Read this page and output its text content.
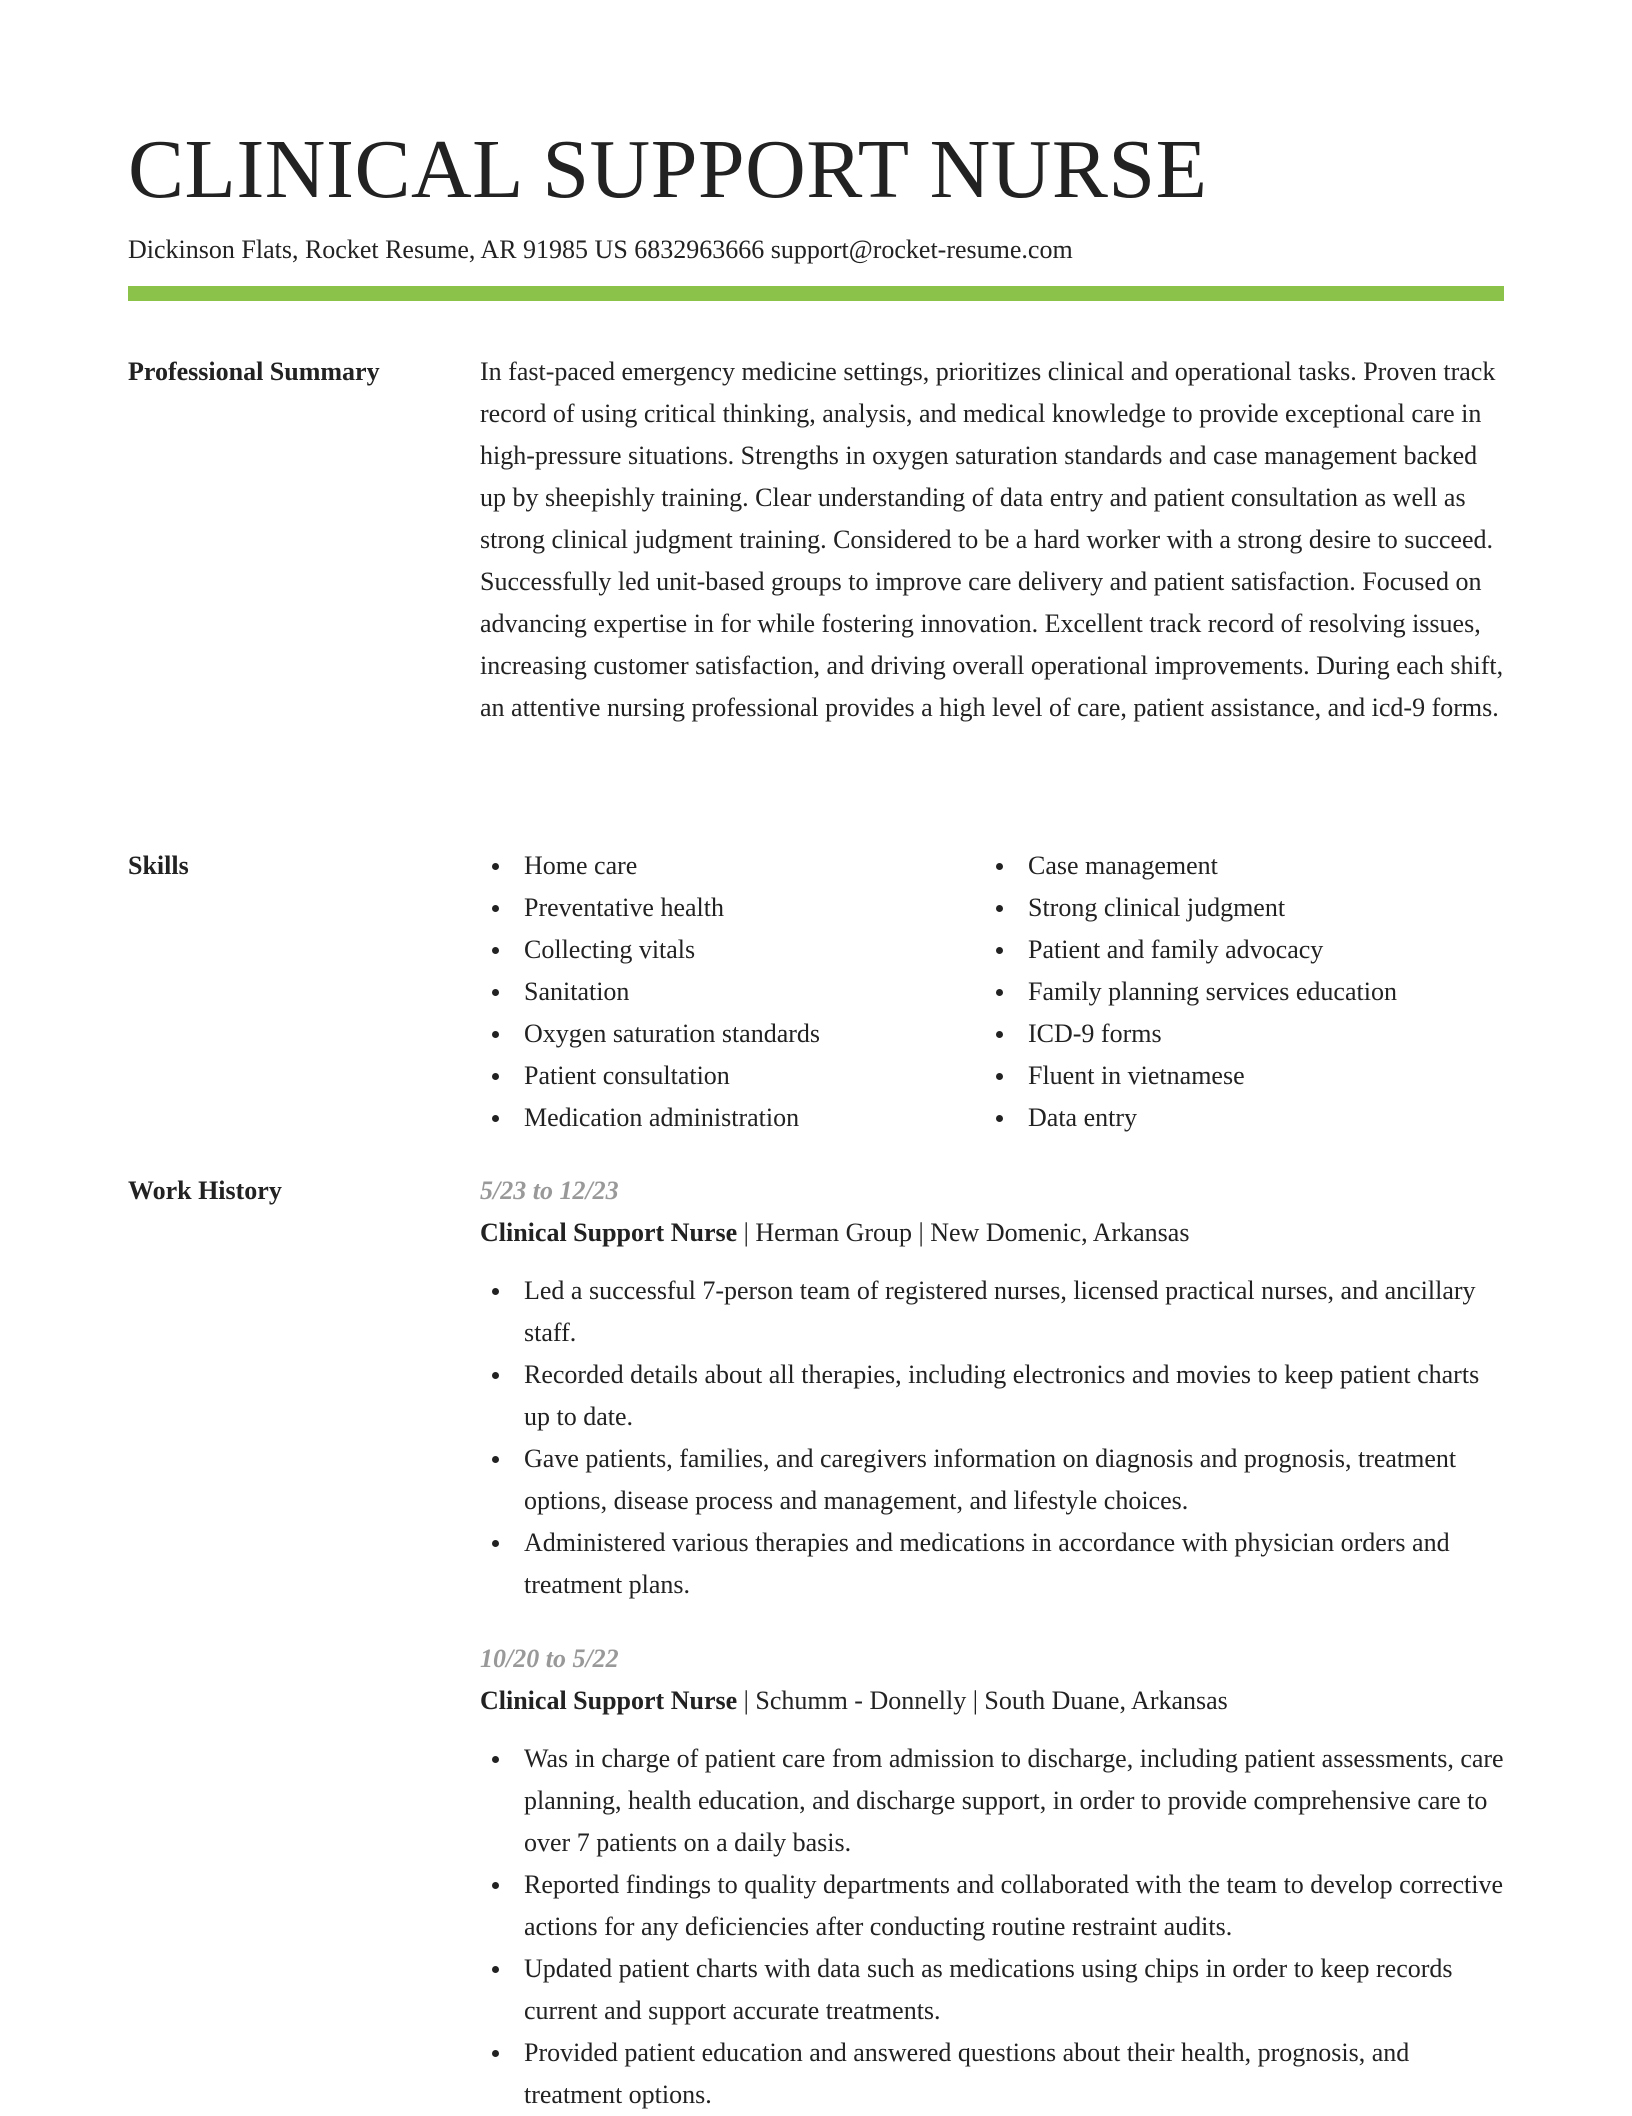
CLINICAL SUPPORT NURSE
Dickinson Flats, Rocket Resume, AR 91985 US 6832963666 support@rocket-resume.com
Professional Summary	In fast-paced emergency medicine settings, prioritizes clinical and operational tasks. Proven track record of using critical thinking, analysis, and medical knowledge to provide exceptional care in high-pressure situations. Strengths in oxygen saturation standards and case management backed up by sheepishly training. Clear understanding of data entry and patient consultation as well as strong clinical judgment training. Considered to be a hard worker with a strong desire to succeed. Successfully led unit-based groups to improve care delivery and patient satisfaction. Focused on advancing expertise in for while fostering innovation. Excellent track record of resolving issues, increasing customer satisfaction, and driving overall operational improvements. During each shift, an attentive nursing professional provides a high level of care, patient assistance, and icd-9 forms.

Skills	Home care
Preventative health
Collecting vitals
Sanitation
Oxygen saturation standards
Patient consultation
Medication administration
Case management
Strong clinical judgment
Patient and family advocacy
Family planning services education
ICD-9 forms
Fluent in vietnamese
Data entry
Work History	5/23 to 12/23
Clinical Support Nurse | Herman Group | New Domenic, Arkansas
Led a successful 7-person team of registered nurses, licensed practical nurses, and ancillary staff.
Recorded details about all therapies, including electronics and movies to keep patient charts up to date.
Gave patients, families, and caregivers information on diagnosis and prognosis, treatment options, disease process and management, and lifestyle choices.
Administered various therapies and medications in accordance with physician orders and treatment plans.
10/20 to 5/22
Clinical Support Nurse | Schumm - Donnelly | South Duane, Arkansas
Was in charge of patient care from admission to discharge, including patient assessments, care planning, health education, and discharge support, in order to provide comprehensive care to over 7 patients on a daily basis.
Reported findings to quality departments and collaborated with the team to develop corrective actions for any deficiencies after conducting routine restraint audits.
Updated patient charts with data such as medications using chips in order to keep records current and support accurate treatments.
Provided patient education and answered questions about their health, prognosis, and treatment options.
